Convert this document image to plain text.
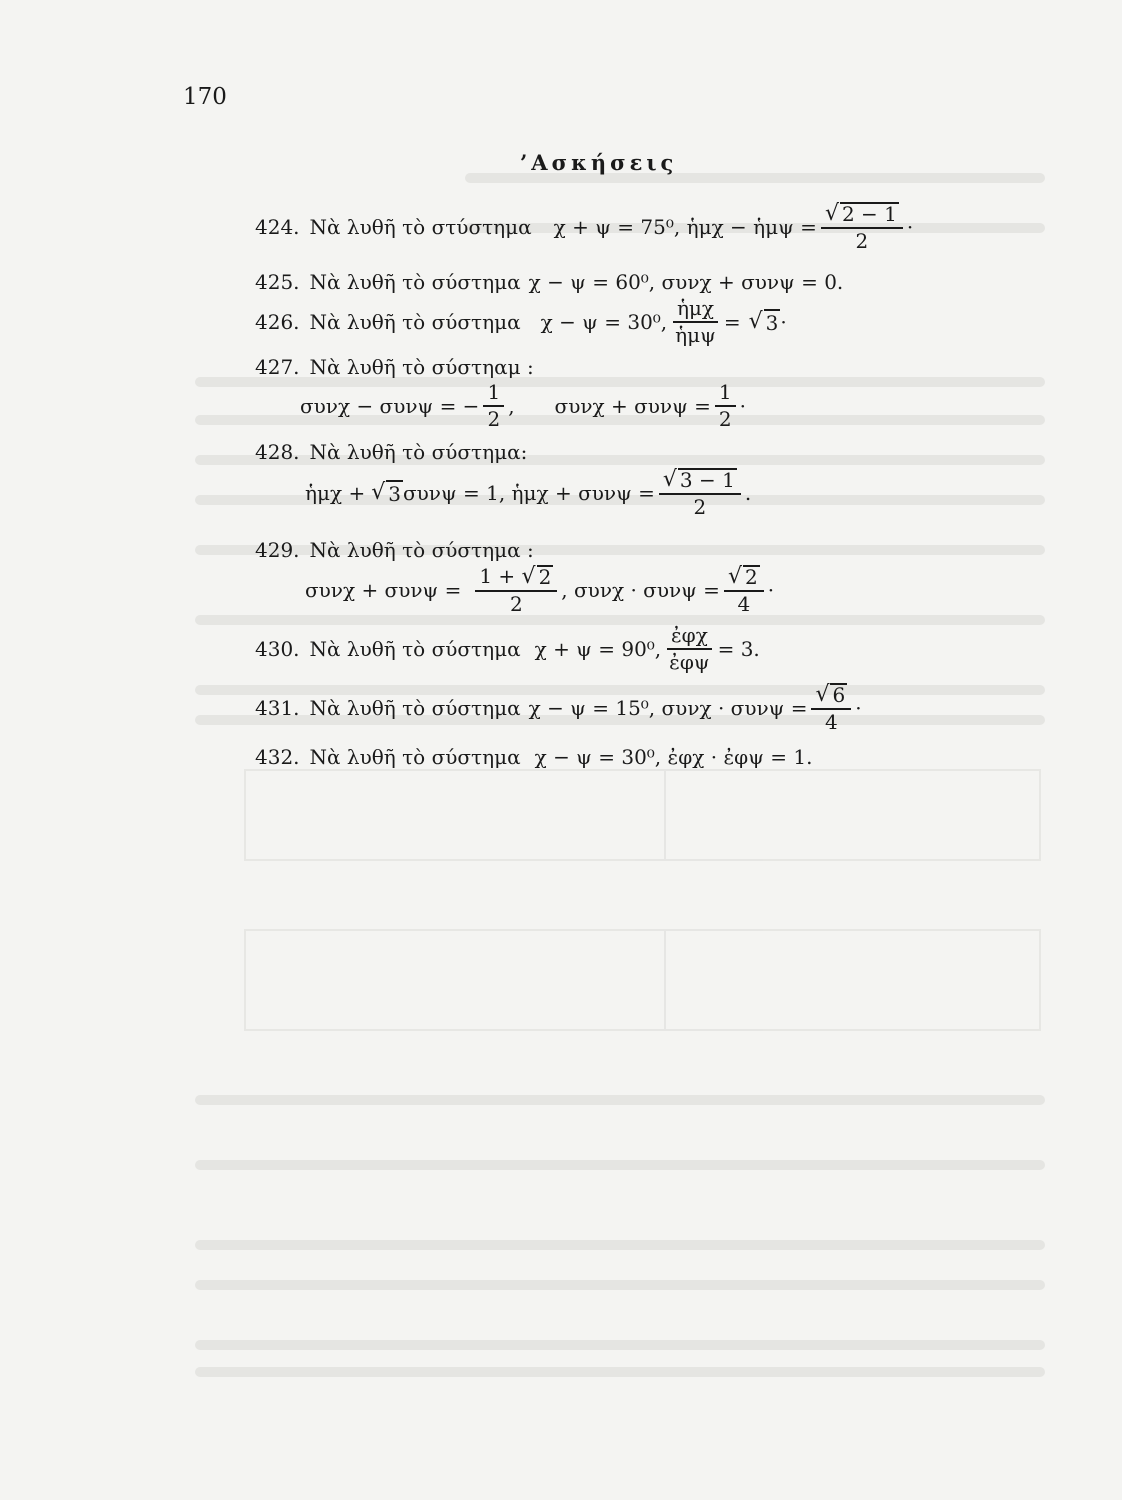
170
’Ασκήσεις
424. Νὰ λυθῆ τὸ στύστημα χ + ψ = 75⁰, ἡμχ − ἡμψ = $\frac{√ 2 - 1}{2}$ ·
425. Νὰ λυθῆ τὸ σύστημα χ − ψ = 60⁰, συνχ + συνψ = 0.
426. Νὰ λυθῆ τὸ σύστημα χ − ψ = 30⁰, $\frac{\text{ἡμχ}}{\text{ἡμψ}}$ = √ 3 ·
427. Νὰ λυθῆ τὸ σύστηαμ :
συνχ − συνψ = − $\frac{1}{2}$ , $\sigma\upsilon\nu\chi + \sigma\upsilon\nu\psi = \frac{1}{2}$ ·
428. Νὰ λυθῆ τὸ σύστημα:
ἡμχ + √ 3 συνψ = 1, ἡμχ + $\sigma\upsilon\nu\psi = \frac{√ 3 - 1}{2}$ .
429. Νὰ λυθῆ τὸ σύστημα :
$\sigma\upsilon\nu\chi + \sigma\upsilon\nu\psi = \frac{1 + √ 2}{2}$ , $\sigma\upsilon\nu\chi \cdot \sigma\upsilon\nu\psi = \frac{√ 2}{4}$ ·
430. Νὰ λυθῆ τὸ σύστημα χ + ψ = 90⁰, $\frac{\text{ἐφχ}}{\text{ἐφψ}} = 3$.
431. Νὰ λυθῆ τὸ σύστημα χ − ψ = 15⁰, $\sigma\upsilon\nu\chi \cdot \sigma\upsilon\nu\psi = \frac{√ 6}{4}$ ·
432. Νὰ λυθῆ τὸ σύστημα χ − ψ = 30⁰, ἐφχ · ἐφψ = 1.
